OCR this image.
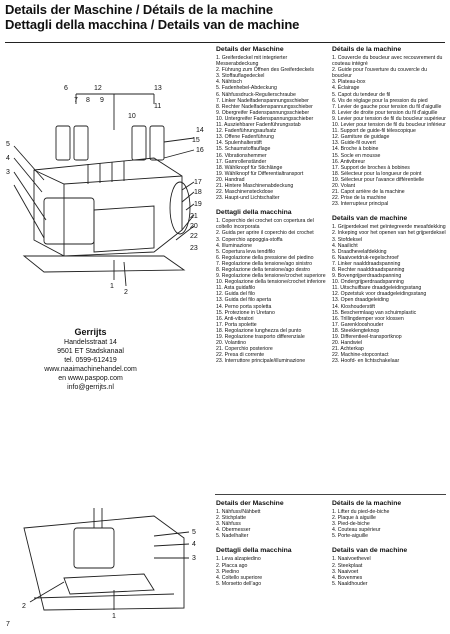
Details der Maschine / Détails de la machine
Dettagli della macchina / Details van de machine
5
4
3
6	12	13
7 8 9
11
10
14
15
16
17
18
19
21
20
22
23
1
2
Gerrijts
Handelsstraat 14
9501 ET Stadskanaal
tel. 0599-612419
www.naaimachinehandel.com
en www.paspop.com
info@gerrijts.nl
Details der Maschine
1. Greiferdeckel mit integrierter Messerabdeckung
2. Führung zum Öffnen des Greiferdeckels
3. Stoffauflagedeckel
4. Nähtisch
5. Fadenhebel-Abdeckung
6. Nähfussdruck-Regulierschraube
7. Linker Nadelfadenspannungsschieber
8. Rechter Nadelfadenspannungsschieber
9. Obergreifer Fadenspannungsschieber
10. Untergreifer Fadenspannungsschieber
11. Ausziehbarer Fadenführungsstab
12. Fadenführungsaufsatz
13. Offene Fadenführung
14. Spulenhalterstift
15. Schaumstoffauflage
16. Vibrationshemmer
17. Garnrollenständer
18. Wählknopf für Stichlänge
19. Wählknopf für Differentialtransport
20. Handrad
21. Hintere Maschinenabdeckung
22. Maschinensteckdose
23. Haupt-und Lichtschalter
Dettagli della macchina
1. Coperchio dei crochet con copertura del coltello incorporata
2. Guida per aprire il coperchio dei crochet
3. Coperchio appoggia-stoffa
4. Illuminazione
5. Copertura leva tendifilo
6. Regolazione della pressione del piedino
7. Regolazione della tensione/ago sinistro
8. Regolazione della tensione/ago destro
9. Regolazione della tensione/crochet superiore
10. Regolazione della tensione/crochet inferiore
11. Asta guidafilo
12. Guida del filo
13. Guida del filo aperta
14. Perno porta spoletta
15. Protezione in Uretano
16. Anti-vibratori
17. Porta spolette
18. Regolazione lunghezza del punto
19. Regolazione trasporto differenziale
20. Volantino
21. Coperchio posteriore
22. Presa di corrente
23. Interruttore principale/illuminazione
Détails de la machine
1. Couvercle du boucleur avec recouvrement du couteau intégré
2. Guide pour l'ouverture du couvercle du boucleur
3. Plateau-box
4. Éclairage
5. Capot du tendeur de fil
6. Vis de réglage pour la pression du pied
7. Levier de gauche pour tension du fil d'aiguille
8. Levier de droite pour tension du fil d'aiguille
9. Levier pour tension de fil du boucleur supérieur
10. Levier pour tension de fil du boucleur inférieur
11. Support de guide-fil télescopique
12. Garniture de guidage
13. Guide-fil ouvert
14. Broche à bobine
15. Socle en mousse
16. Antivibreur
17. Support de broches à bobines
18. Sélecteur pour la longueur de point
19. Sélecteur pour l'avance différentielle
20. Volant
21. Capot arrière de la machine
22. Prise de la machine
23. Interrupteur principal
Details van de machine
1. Grijperdeksel met geïntegreerde mesafdekking
2. Inkeping voor het openen van het grijperdeksel
3. Stofdeksel
4. Naailicht
5. Draadhevelafdekking
6. Naaivoetdruk-regelschroef
7. Linker naalddraadspanning
8. Rechter naalddraadspanning
9. Bovengrijperdraadspanning
10. Ondergrijperdraadspanning
11. Uitschuifbare draadgeleidingsstang
12. Opzetstuk voor draadgeleidingsstang
13. Open draadgeleiding
14. Kloshouderstift
15. Beschermlaag van schuimplastic
16. Trillingdemper voor klossen
17. Garenklooshouder
18. Steeklengteknop
19. Differentieel-transportknop
20. Handwiel
21. Achterkap
22. Machine-stopcontact
23. Hoofd- en lichtschakelaar
5
4
3
2
1
Details der Maschine
1. Nähfuss/Nähbett
2. Stichplatte
3. Nähfuss
4. Obermesser
5. Nadelhalter
Dettagli della macchina
1. Leva alzapiedino
2. Placca ago
3. Piedino
4. Coltello superiore
5. Morsetto dell'ago
Détails de la machine
1. Lifter du pied-de-biche
2. Plaque à aiguille
3. Pied-de-biche
4. Couteau supérieur
5. Porte-aiguille
Details van de machine
1. Naaivoethevel
2. Steekplaat
3. Naaivoet
4. Bovenmes
5. Naaldhouder
7
